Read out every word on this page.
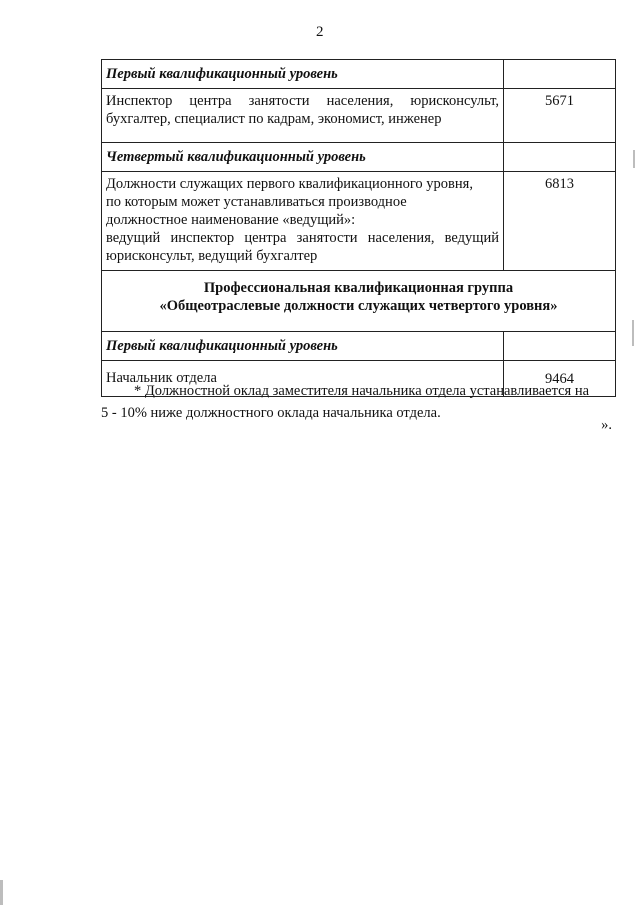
2
Первый квалификационный уровень	

Инспектор центра занятости населения, юрисконсульт,
бухгалтер, специалист по кадрам, экономист, инженер	5671
Четвертый квалификационный уровень	

Должности служащих первого квалификационного уровня,
по которым может устанавливаться производное
должностное наименование «ведущий»:
ведущий инспектор центра занятости населения, ведущий
юрисконсульт, ведущий бухгалтер	6813

Профессиональная квалификационная группа
«Общеотраслевые должности служащих четвертого уровня»	

Первый квалификационный уровень	
Начальник отдела	9464
* Должностной оклад заместителя начальника отдела устанавливается на
5 - 10% ниже должностного оклада начальника отдела.
».
